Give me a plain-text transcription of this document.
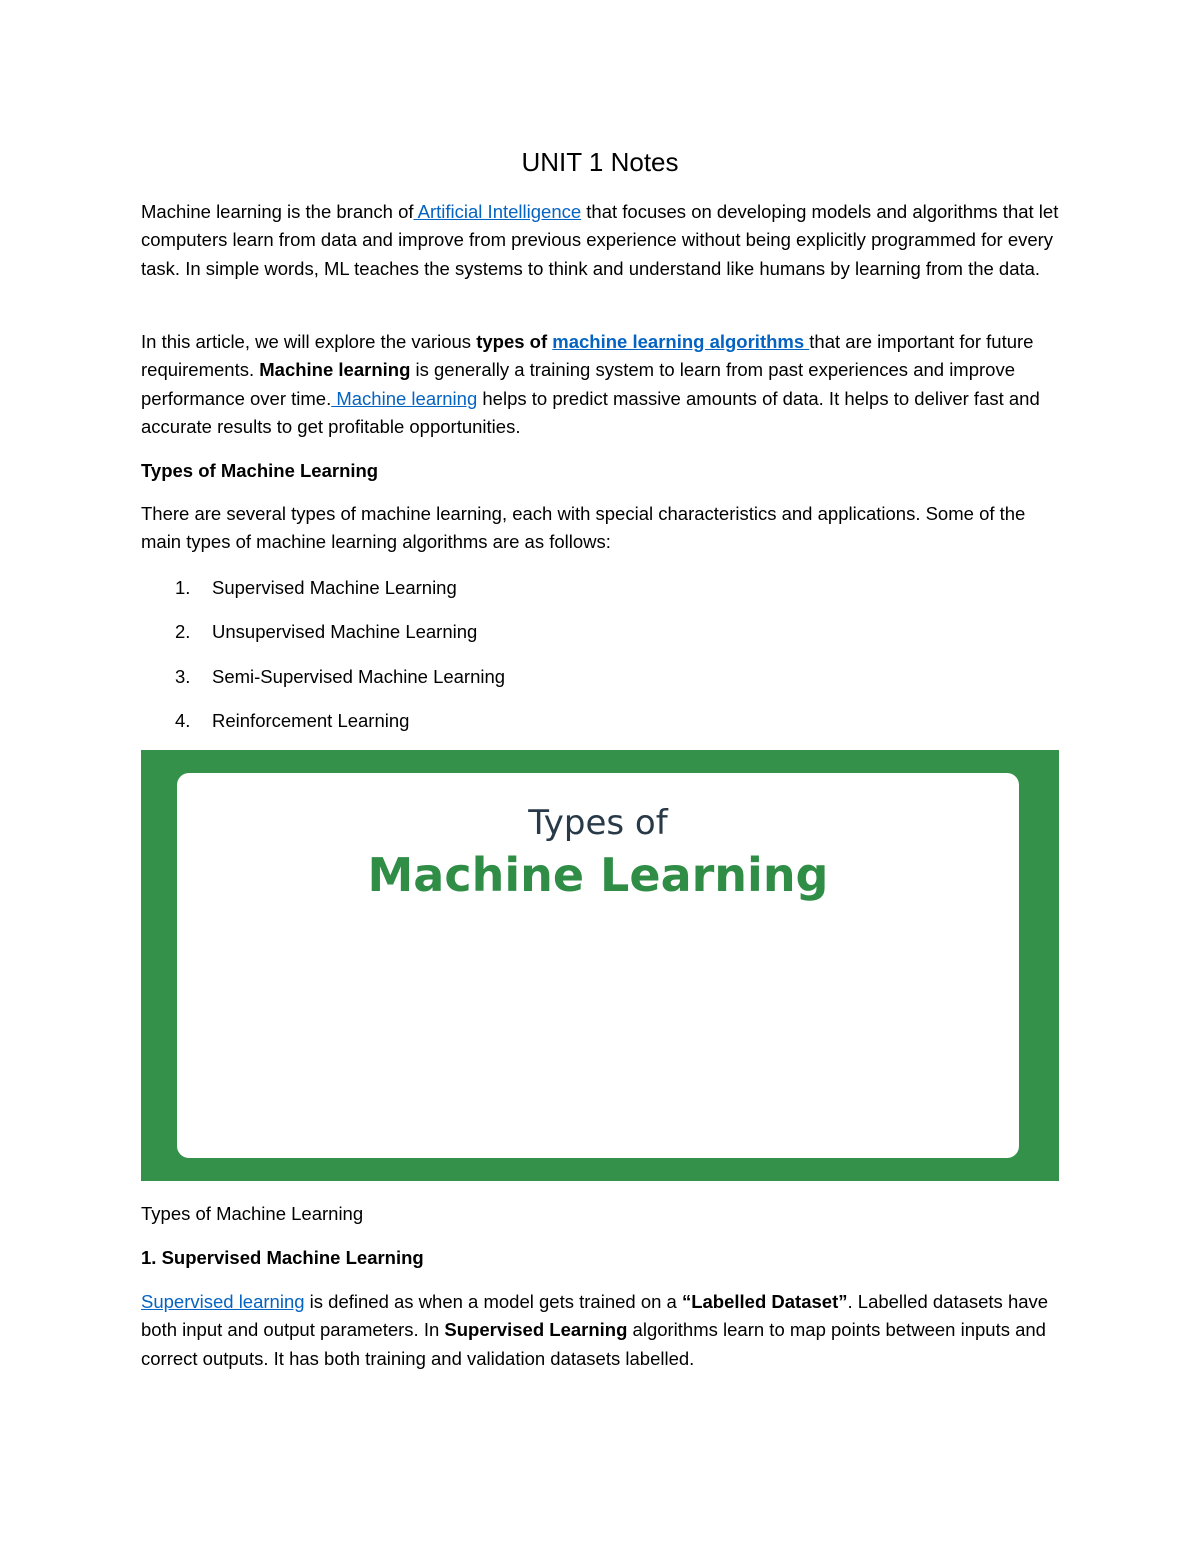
UNIT 1 Notes

Machine learning is the branch of Artificial Intelligence that focuses on developing models and algorithms that let computers learn from data and improve from previous experience without being explicitly programmed for every task. In simple words, ML teaches the systems to think and understand like humans by learning from the data.

In this article, we will explore the various types of machine learning algorithms that are important for future requirements. Machine learning is generally a training system to learn from past experiences and improve performance over time. Machine learning helps to predict massive amounts of data. It helps to deliver fast and accurate results to get profitable opportunities.

Types of Machine Learning

There are several types of machine learning, each with special characteristics and applications. Some of the main types of machine learning algorithms are as follows:

1. Supervised Machine Learning
2. Unsupervised Machine Learning
3. Semi-Supervised Machine Learning
4. Reinforcement Learning
Types of
Machine Learning

Types of Machine Learning

1. Supervised Machine Learning

Supervised learning is defined as when a model gets trained on a “Labelled Dataset”. Labelled datasets have both input and output parameters. In Supervised Learning algorithms learn to map points between inputs and correct outputs. It has both training and validation datasets labelled.
